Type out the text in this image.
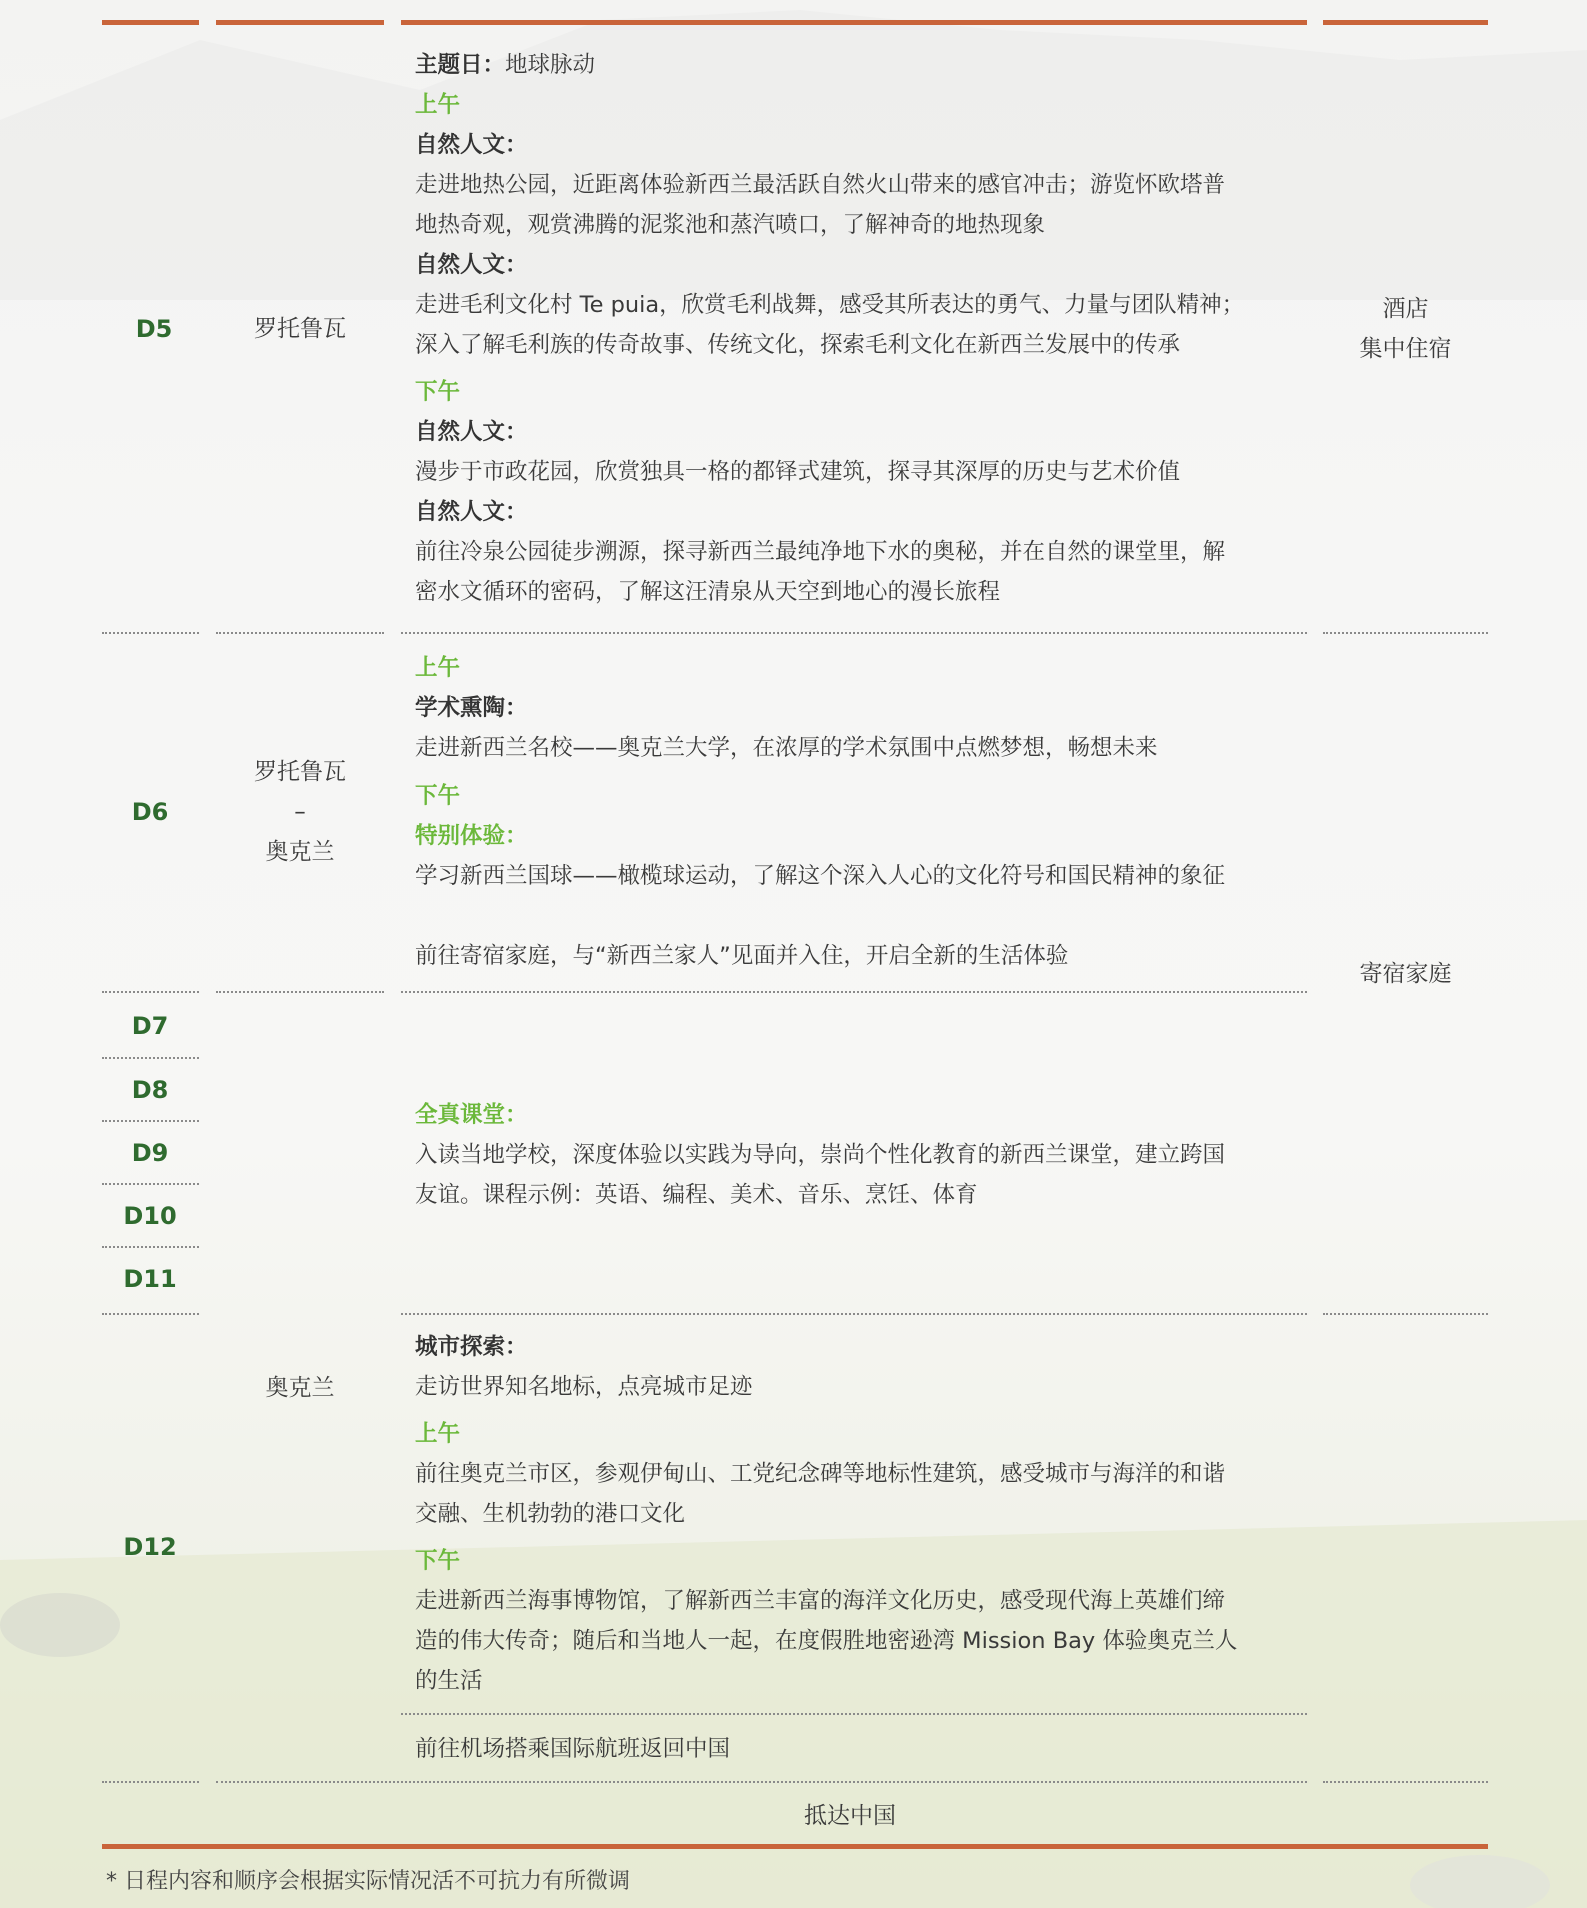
D5	罗托鲁瓦
酒店
集中住宿
主题日：地球脉动
上午
自然人文：
走进地热公园，近距离体验新西兰最活跃自然火山带来的感官冲击；游览怀欧塔普
地热奇观，观赏沸腾的泥浆池和蒸汽喷口，了解神奇的地热现象
自然人文：
走进毛利文化村 Te puia，欣赏毛利战舞，感受其所表达的勇气、力量与团队精神；
深入了解毛利族的传奇故事、传统文化，探索毛利文化在新西兰发展中的传承
下午
自然人文：
漫步于市政花园，欣赏独具一格的都铎式建筑，探寻其深厚的历史与艺术价值
自然人文：
前往冷泉公园徒步溯源，探寻新西兰最纯净地下水的奥秘，并在自然的课堂里，解
密水文循环的密码，了解这汪清泉从天空到地心的漫长旅程
D6
罗托鲁瓦
–
奥克兰
上午
学术熏陶：
走进新西兰名校——奥克兰大学，在浓厚的学术氛围中点燃梦想，畅想未来
下午
特别体验：
学习新西兰国球——橄榄球运动，了解这个深入人心的文化符号和国民精神的象征
前往寄宿家庭，与“新西兰家人”见面并入住，开启全新的生活体验
寄宿家庭
D7
D8
D9
D10
D11
全真课堂：
入读当地学校，深度体验以实践为导向，崇尚个性化教育的新西兰课堂，建立跨国
友谊。课程示例：英语、编程、美术、音乐、烹饪、体育
奥克兰
D12
城市探索：
走访世界知名地标，点亮城市足迹
上午
前往奥克兰市区，参观伊甸山、工党纪念碑等地标性建筑，感受城市与海洋的和谐
交融、生机勃勃的港口文化
下午
走进新西兰海事博物馆，了解新西兰丰富的海洋文化历史，感受现代海上英雄们缔
造的伟大传奇；随后和当地人一起，在度假胜地密逊湾 Mission Bay 体验奥克兰人
的生活
前往机场搭乘国际航班返回中国
抵达中国
* 日程内容和顺序会根据实际情况活不可抗力有所微调
